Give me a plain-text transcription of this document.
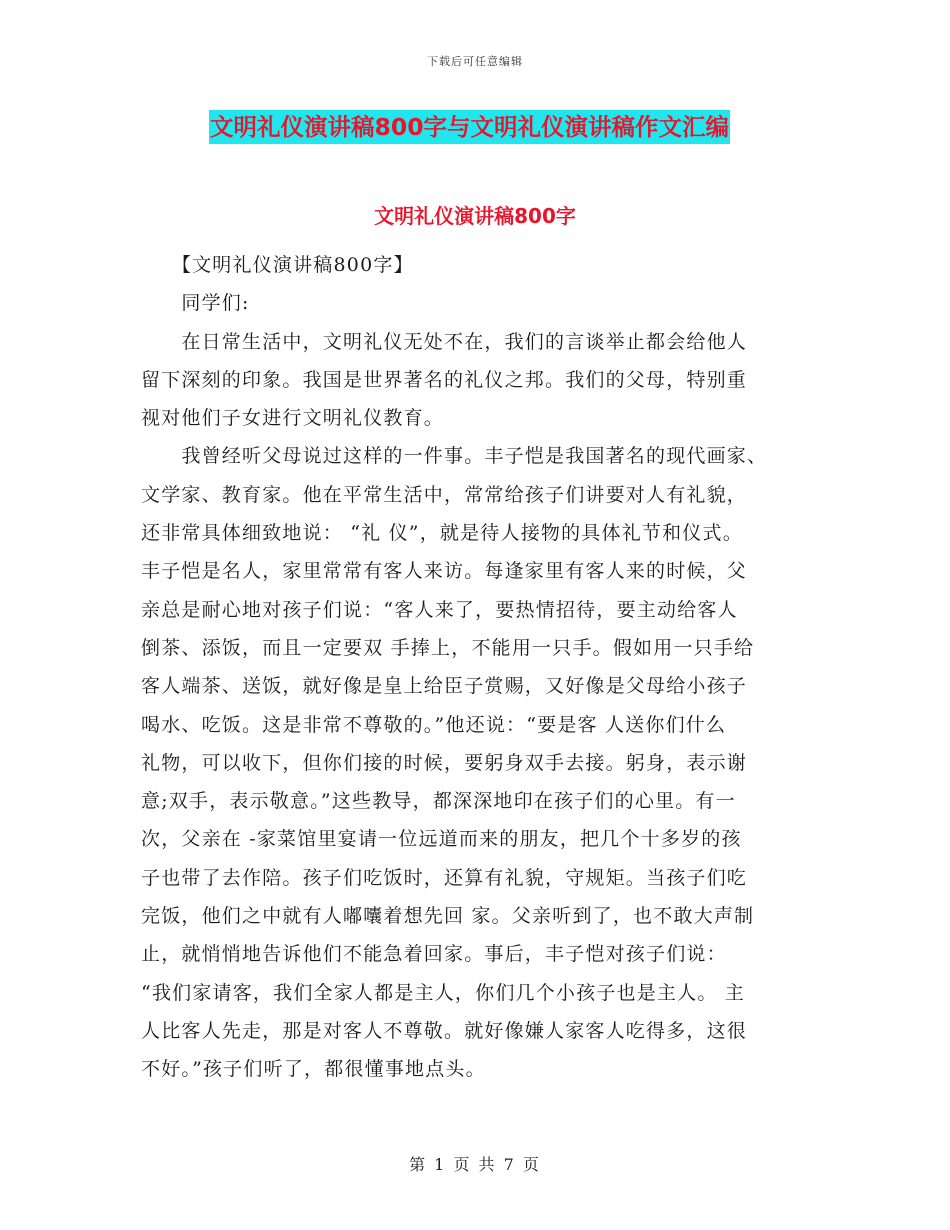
下载后可任意编辑
文明礼仪演讲稿800字与文明礼仪演讲稿作文汇编
文明礼仪演讲稿800字
　　【文明礼仪演讲稿800字】
　　同学们:
　　在日常生活中，文明礼仪无处不在，我们的言谈举止都会给他人
留下深刻的印象。我国是世界著名的礼仪之邦。我们的父母，特别重
视对他们子女进行文明礼仪教育。
　　我曾经听父母说过这样的一件事。丰子恺是我国著名的现代画家、
文学家、教育家。他在平常生活中，常常给孩子们讲要对人有礼貌，
还非常具体细致地说： “礼 仪”，就是待人接物的具体礼节和仪式。
丰子恺是名人，家里常常有客人来访。每逢家里有客人来的时候，父
亲总是耐心地对孩子们说：“客人来了，要热情招待，要主动给客人
倒茶、添饭，而且一定要双 手捧上，不能用一只手。假如用一只手给
客人端茶、送饭，就好像是皇上给臣子赏赐，又好像是父母给小孩子
喝水、吃饭。这是非常不尊敬的。”他还说：“要是客 人送你们什么
礼物，可以收下，但你们接的时候，要躬身双手去接。躬身，表示谢
意;双手，表示敬意。”这些教导，都深深地印在孩子们的心里。有一
次，父亲在 -家菜馆里宴请一位远道而来的朋友，把几个十多岁的孩
子也带了去作陪。孩子们吃饭时，还算有礼貌，守规矩。当孩子们吃
完饭，他们之中就有人嘟囔着想先回 家。父亲听到了，也不敢大声制
止，就悄悄地告诉他们不能急着回家。事后，丰子恺对孩子们说：
“我们家请客，我们全家人都是主人，你们几个小孩子也是主人。 主
人比客人先走，那是对客人不尊敬。就好像嫌人家客人吃得多，这很
不好。”孩子们听了，都很懂事地点头。
第 1 页 共 7 页
